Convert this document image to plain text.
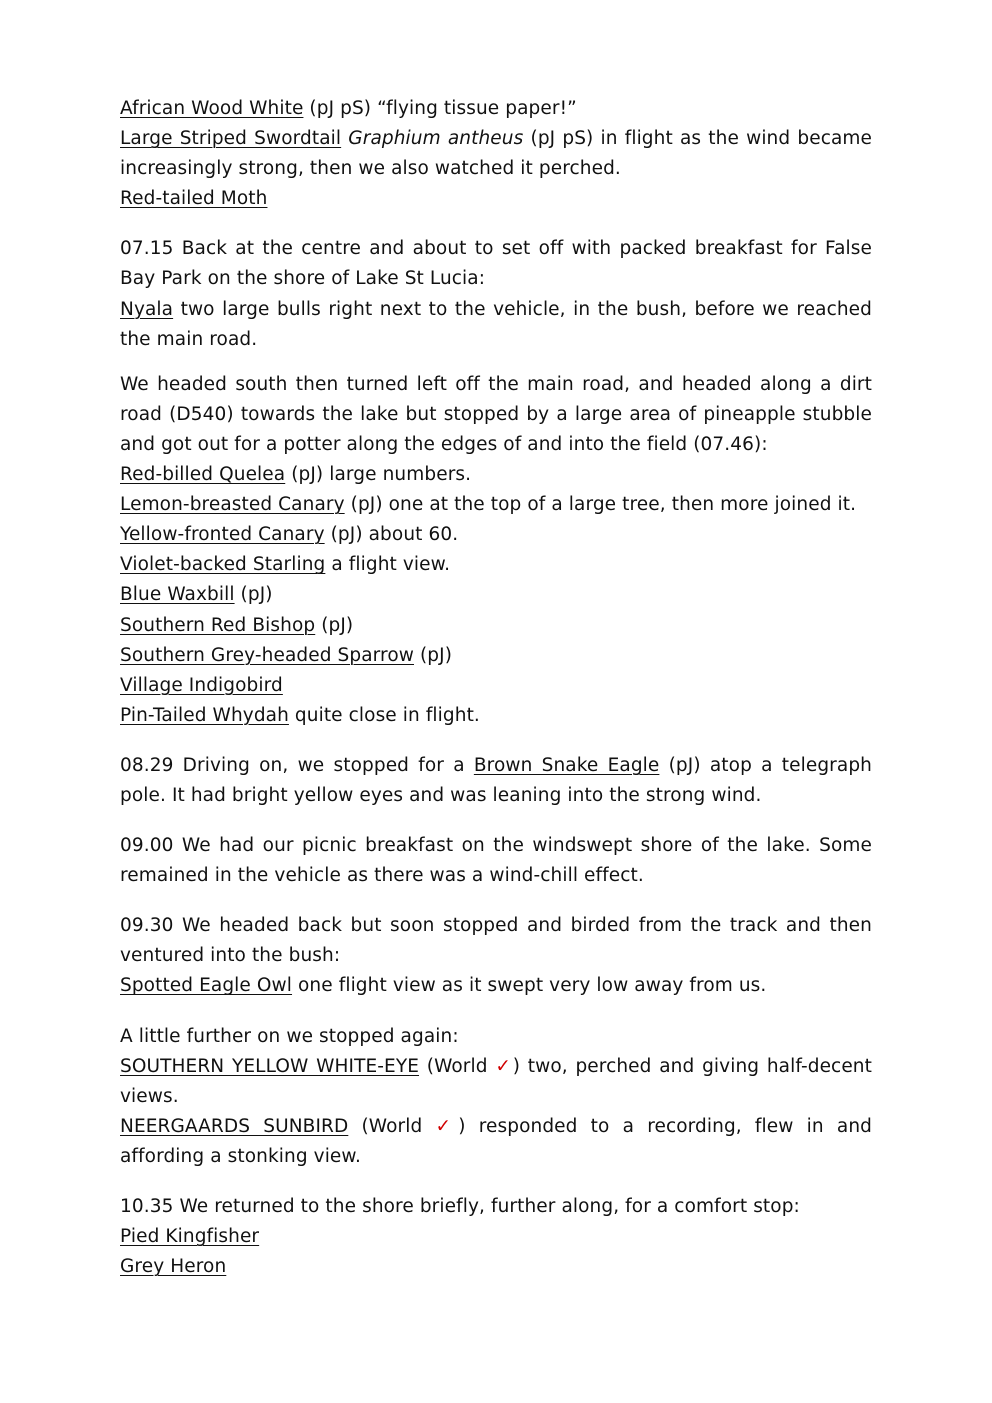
African Wood White (pJ pS) “flying tissue paper!”

Large Striped Swordtail Graphium antheus (pJ pS) in flight as the wind became increasingly strong, then we also watched it perched.

Red-tailed Moth

07.15 Back at the centre and about to set off with packed breakfast for False Bay Park on the shore of Lake St Lucia:

Nyala two large bulls right next to the vehicle, in the bush, before we reached the main road.

We headed south then turned left off the main road, and headed along a dirt road (D540) towards the lake but stopped by a large area of pineapple stubble and got out for a potter along the edges of and into the field (07.46):

Red-billed Quelea (pJ) large numbers.

Lemon-breasted Canary (pJ) one at the top of a large tree, then more joined it.

Yellow-fronted Canary (pJ) about 60.

Violet-backed Starling a flight view.

Blue Waxbill (pJ)

Southern Red Bishop (pJ)

Southern Grey-headed Sparrow (pJ)

Village Indigobird

Pin-Tailed Whydah quite close in flight.

08.29 Driving on, we stopped for a Brown Snake Eagle (pJ) atop a telegraph pole. It had bright yellow eyes and was leaning into the strong wind.

09.00 We had our picnic breakfast on the windswept shore of the lake. Some remained in the vehicle as there was a wind-chill effect.

09.30 We headed back but soon stopped and birded from the track and then ventured into the bush:

Spotted Eagle Owl one flight view as it swept very low away from us.

A little further on we stopped again:

SOUTHERN YELLOW WHITE-EYE (World ✓) two, perched and giving half-decent views.

NEERGAARDS SUNBIRD (World ✓) responded to a recording, flew in and affording a stonking view.

10.35 We returned to the shore briefly, further along, for a comfort stop:

Pied Kingfisher

Grey Heron
